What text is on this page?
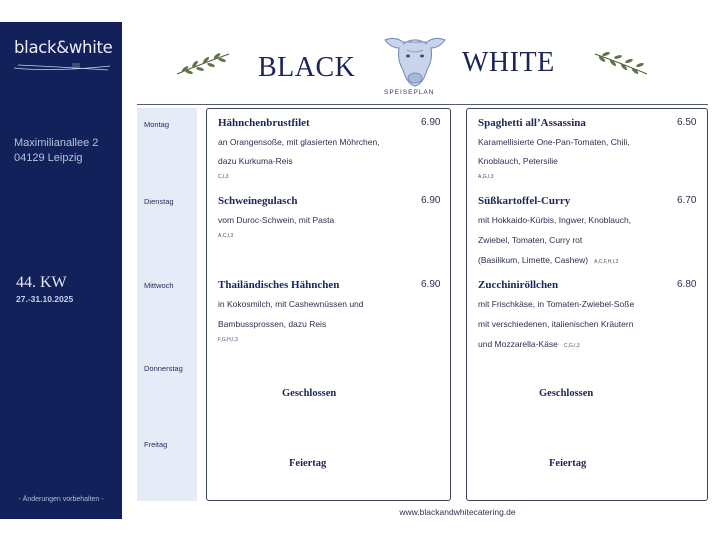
black&white
Maximilianallee 2
04129 Leipzig
44. KW
27.-31.10.2025
- Änderungen vorbehalten -
BLACK
SPEISEPLAN
WHITE
Montag
Dienstag
Mittwoch
Donnerstag
Freitag
Hähnchenbrustfilet	6.90
an Orangensoße, mit glasierten Möhrchen,
dazu Kurkuma-Reis
C,I,3
Schweinegulasch	6.90
vom Duroc-Schwein, mit Pasta
A,C,I,3
Thailändisches Hähnchen	6.90
in Kokosmilch, mit Cashewnüssen und
Bambussprossen, dazu Reis
F,G,H,I,3
Geschlossen
Feiertag
Spaghetti all’Assassina	6.50
Karamellisierte One-Pan-Tomaten, Chili,
Knoblauch, Petersilie
A,G,I,3
Süßkartoffel-Curry	6.70
mit Hokkaido-Kürbis, Ingwer, Knoblauch,
Zwiebel, Tomaten, Curry rot
(Basilikum, Limette, Cashew) A,C,F,H,I,3
Zucchiniröllchen	6.80
mit Frischkäse, in Tomaten-Zwiebel-Soße
mit verschiedenen, italienischen Kräutern
und Mozzarella-Käse C,G,I,3
Geschlossen
Feiertag
www.blackandwhitecatering.de
